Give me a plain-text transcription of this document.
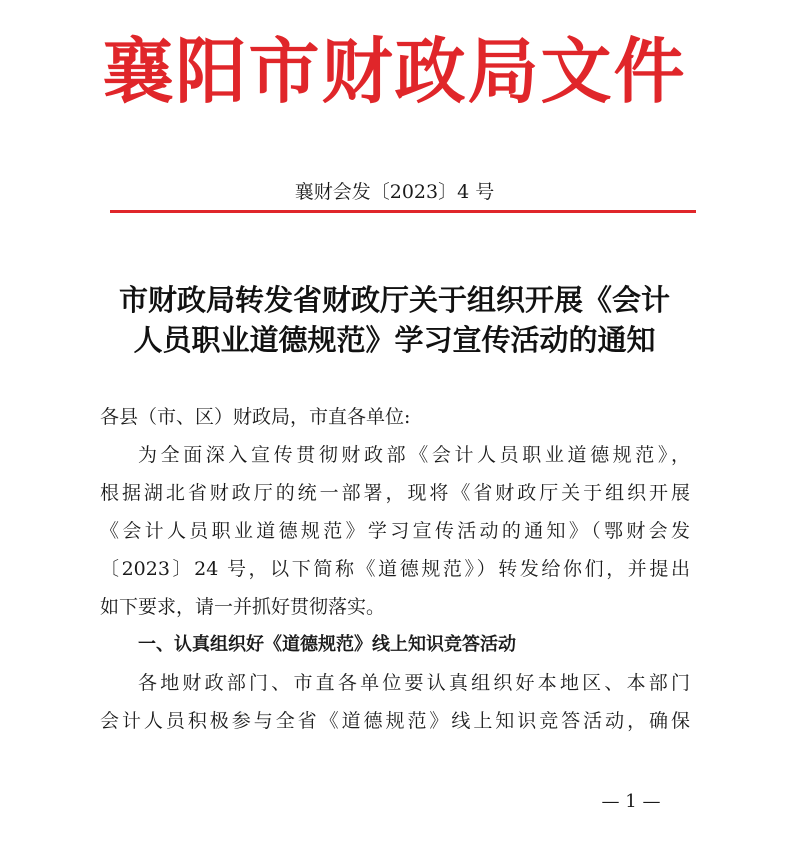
襄阳市财政局文件
襄财会发〔2023〕4 号
市财政局转发省财政厅关于组织开展《会计
人员职业道德规范》学习宣传活动的通知
各县（市、区）财政局，市直各单位:
为全面深入宣传贯彻财政部《会计人员职业道德规范》，
根据湖北省财政厅的统一部署，现将《省财政厅关于组织开展
《会计人员职业道德规范》学习宣传活动的通知》（鄂财会发
〔2023〕24 号，以下简称《道德规范》）转发给你们，并提出
如下要求，请一并抓好贯彻落实。
一、认真组织好《道德规范》线上知识竞答活动
各地财政部门、市直各单位要认真组织好本地区、本部门
会计人员积极参与全省《道德规范》线上知识竞答活动，确保
— 1 —
